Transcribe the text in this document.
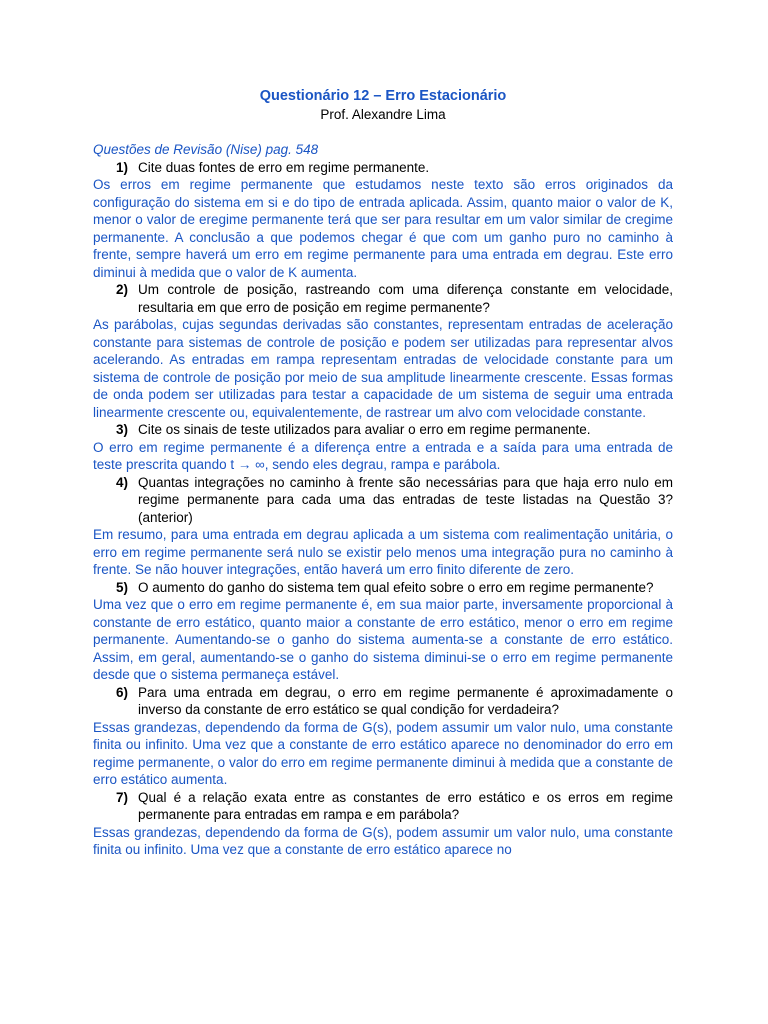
Questionário 12 – Erro Estacionário
Prof. Alexandre Lima
Questões de Revisão (Nise) pag. 548
1) Cite duas fontes de erro em regime permanente.
Os erros em regime permanente que estudamos neste texto são erros originados da configuração do sistema em si e do tipo de entrada aplicada. Assim, quanto maior o valor de K, menor o valor de eregime permanente terá que ser para resultar em um valor similar de cregime permanente. A conclusão a que podemos chegar é que com um ganho puro no caminho à frente, sempre haverá um erro em regime permanente para uma entrada em degrau. Este erro diminui à medida que o valor de K aumenta.
2) Um controle de posição, rastreando com uma diferença constante em velocidade, resultaria em que erro de posição em regime permanente?
As parábolas, cujas segundas derivadas são constantes, representam entradas de aceleração constante para sistemas de controle de posição e podem ser utilizadas para representar alvos acelerando. As entradas em rampa representam entradas de velocidade constante para um sistema de controle de posição por meio de sua amplitude linearmente crescente. Essas formas de onda podem ser utilizadas para testar a capacidade de um sistema de seguir uma entrada linearmente crescente ou, equivalentemente, de rastrear um alvo com velocidade constante.
3) Cite os sinais de teste utilizados para avaliar o erro em regime permanente.
O erro em regime permanente é a diferença entre a entrada e a saída para uma entrada de teste prescrita quando t → ∞, sendo eles degrau, rampa e parábola.
4) Quantas integrações no caminho à frente são necessárias para que haja erro nulo em regime permanente para cada uma das entradas de teste listadas na Questão 3? (anterior)
Em resumo, para uma entrada em degrau aplicada a um sistema com realimentação unitária, o erro em regime permanente será nulo se existir pelo menos uma integração pura no caminho à frente. Se não houver integrações, então haverá um erro finito diferente de zero.
5) O aumento do ganho do sistema tem qual efeito sobre o erro em regime permanente?
Uma vez que o erro em regime permanente é, em sua maior parte, inversamente proporcional à constante de erro estático, quanto maior a constante de erro estático, menor o erro em regime permanente. Aumentando-se o ganho do sistema aumenta-se a constante de erro estático. Assim, em geral, aumentando-se o ganho do sistema diminui-se o erro em regime permanente desde que o sistema permaneça estável.
6) Para uma entrada em degrau, o erro em regime permanente é aproximadamente o inverso da constante de erro estático se qual condição for verdadeira?
Essas grandezas, dependendo da forma de G(s), podem assumir um valor nulo, uma constante finita ou infinito. Uma vez que a constante de erro estático aparece no denominador do erro em regime permanente, o valor do erro em regime permanente diminui à medida que a constante de erro estático aumenta.
7) Qual é a relação exata entre as constantes de erro estático e os erros em regime permanente para entradas em rampa e em parábola?
Essas grandezas, dependendo da forma de G(s), podem assumir um valor nulo, uma constante finita ou infinito. Uma vez que a constante de erro estático aparece no
